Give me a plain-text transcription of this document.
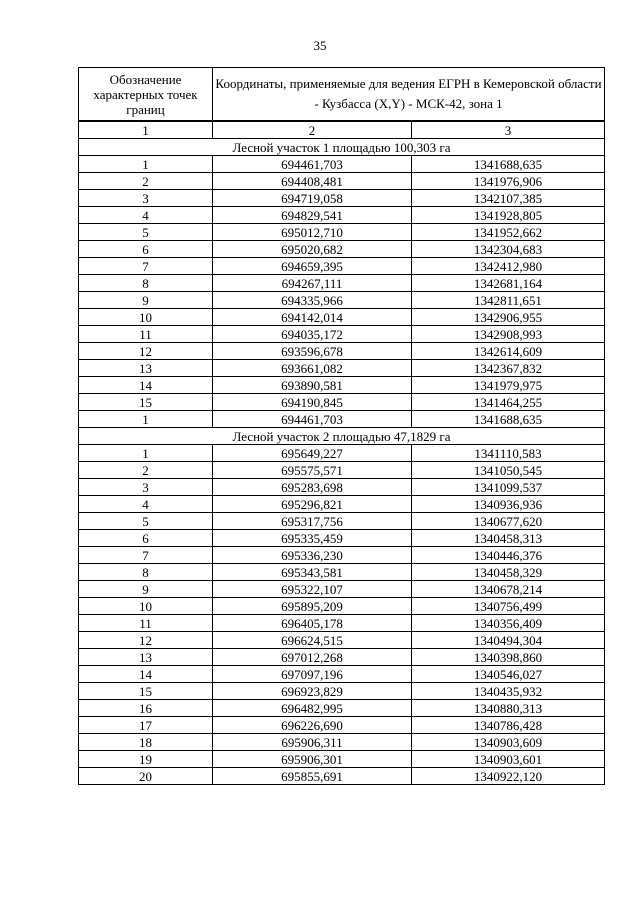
35
Обозначение характерных точек границ	Координаты, применяемые для ведения ЕГРН в Кемеровской области - Кузбасса (X,Y) - МСК-42, зона 1	
1	2	3
Лесной участок 1 площадью 100,303 га		
1	694461,703	1341688,635
2	694408,481	1341976,906
3	694719,058	1342107,385
4	694829,541	1341928,805
5	695012,710	1341952,662
6	695020,682	1342304,683
7	694659,395	1342412,980
8	694267,111	1342681,164
9	694335,966	1342811,651
10	694142,014	1342906,955
11	694035,172	1342908,993
12	693596,678	1342614,609
13	693661,082	1342367,832
14	693890,581	1341979,975
15	694190,845	1341464,255
1	694461,703	1341688,635
Лесной участок 2 площадью 47,1829 га		
1	695649,227	1341110,583
2	695575,571	1341050,545
3	695283,698	1341099,537
4	695296,821	1340936,936
5	695317,756	1340677,620
6	695335,459	1340458,313
7	695336,230	1340446,376
8	695343,581	1340458,329
9	695322,107	1340678,214
10	695895,209	1340756,499
11	696405,178	1340356,409
12	696624,515	1340494,304
13	697012,268	1340398,860
14	697097,196	1340546,027
15	696923,829	1340435,932
16	696482,995	1340880,313
17	696226,690	1340786,428
18	695906,311	1340903,609
19	695906,301	1340903,601
20	695855,691	1340922,120
